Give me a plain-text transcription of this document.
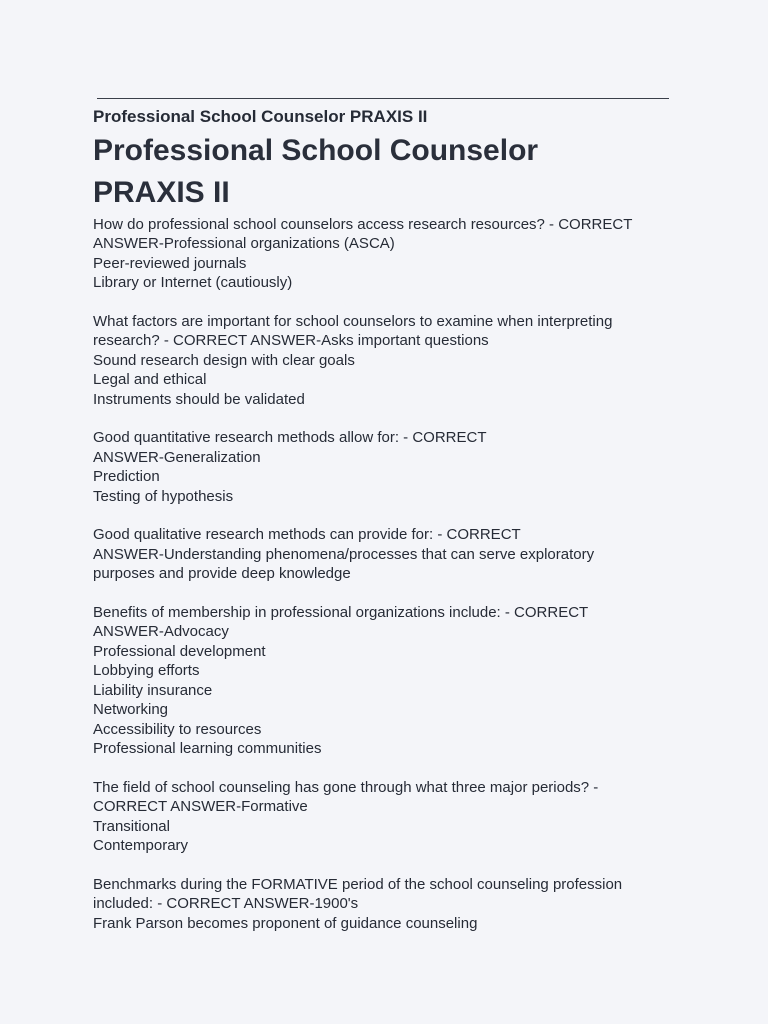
Professional School Counselor PRAXIS II
Professional School Counselor
PRAXIS II

How do professional school counselors access research resources? - CORRECT
ANSWER-Professional organizations (ASCA)
Peer-reviewed journals
Library or Internet (cautiously)

What factors are important for school counselors to examine when interpreting
research? - CORRECT ANSWER-Asks important questions
Sound research design with clear goals
Legal and ethical
Instruments should be validated

Good quantitative research methods allow for: - CORRECT
ANSWER-Generalization
Prediction
Testing of hypothesis

Good qualitative research methods can provide for: - CORRECT
ANSWER-Understanding phenomena/processes that can serve exploratory
purposes and provide deep knowledge

Benefits of membership in professional organizations include: - CORRECT
ANSWER-Advocacy
Professional development
Lobbying efforts
Liability insurance
Networking
Accessibility to resources
Professional learning communities

The field of school counseling has gone through what three major periods? -
CORRECT ANSWER-Formative
Transitional
Contemporary

Benchmarks during the FORMATIVE period of the school counseling profession
included: - CORRECT ANSWER-1900's
Frank Parson becomes proponent of guidance counseling
